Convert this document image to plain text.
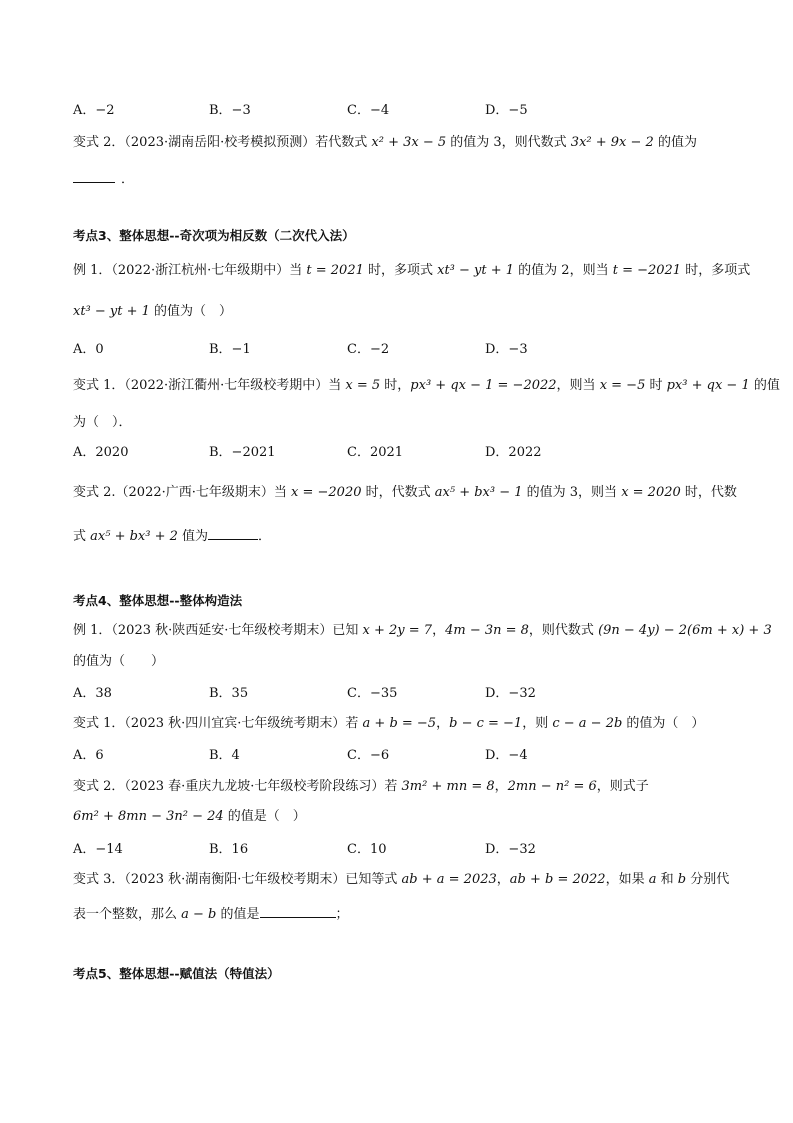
A．−2	B．−3	C．−4	D．−5
变式 2．（2023·湖南岳阳·校考模拟预测）若代数式 x² + 3x − 5 的值为 3，则代数式 3x² + 9x − 2 的值为
．
考点3、整体思想--奇次项为相反数（二次代入法）
例 1．（2022·浙江杭州·七年级期中）当 t = 2021 时，多项式 xt³ − yt + 1 的值为 2，则当 t = −2021 时，多项式
xt³ − yt + 1 的值为（　）
A．0	B．−1	C．−2	D．−3
变式 1．（2022·浙江衢州·七年级校考期中）当 x = 5 时，px³ + qx − 1 = −2022，则当 x = −5 时 px³ + qx − 1 的值
为（　）．
A．2020	B．−2021	C．2021	D．2022
变式 2.（2022·广西·七年级期末）当 x = −2020 时，代数式 ax⁵ + bx³ − 1 的值为 3，则当 x = 2020 时，代数
式 ax⁵ + bx³ + 2 值为	．
考点4、整体思想--整体构造法
例 1．（2023 秋·陕西延安·七年级校考期末）已知 x + 2y = 7，4m − 3n = 8，则代数式 (9n − 4y) − 2(6m + x) + 3
的值为（　　）
A．38	B．35	C．−35	D．−32
变式 1．（2023 秋·四川宜宾·七年级统考期末）若 a + b = −5，b − c = −1，则 c − a − 2b 的值为（　）
A．6	B．4	C．−6	D．−4
变式 2．（2023 春·重庆九龙坡·七年级校考阶段练习）若 3m² + mn = 8，2mn − n² = 6，则式子
6m² + 8mn − 3n² − 24 的值是（　）
A．−14	B．16	C．10	D．−32
变式 3．（2023 秋·湖南衡阳·七年级校考期末）已知等式 ab + a = 2023，ab + b = 2022，如果 a 和 b 分别代
表一个整数，那么 a − b 的值是	；
考点5、整体思想--赋值法（特值法）
